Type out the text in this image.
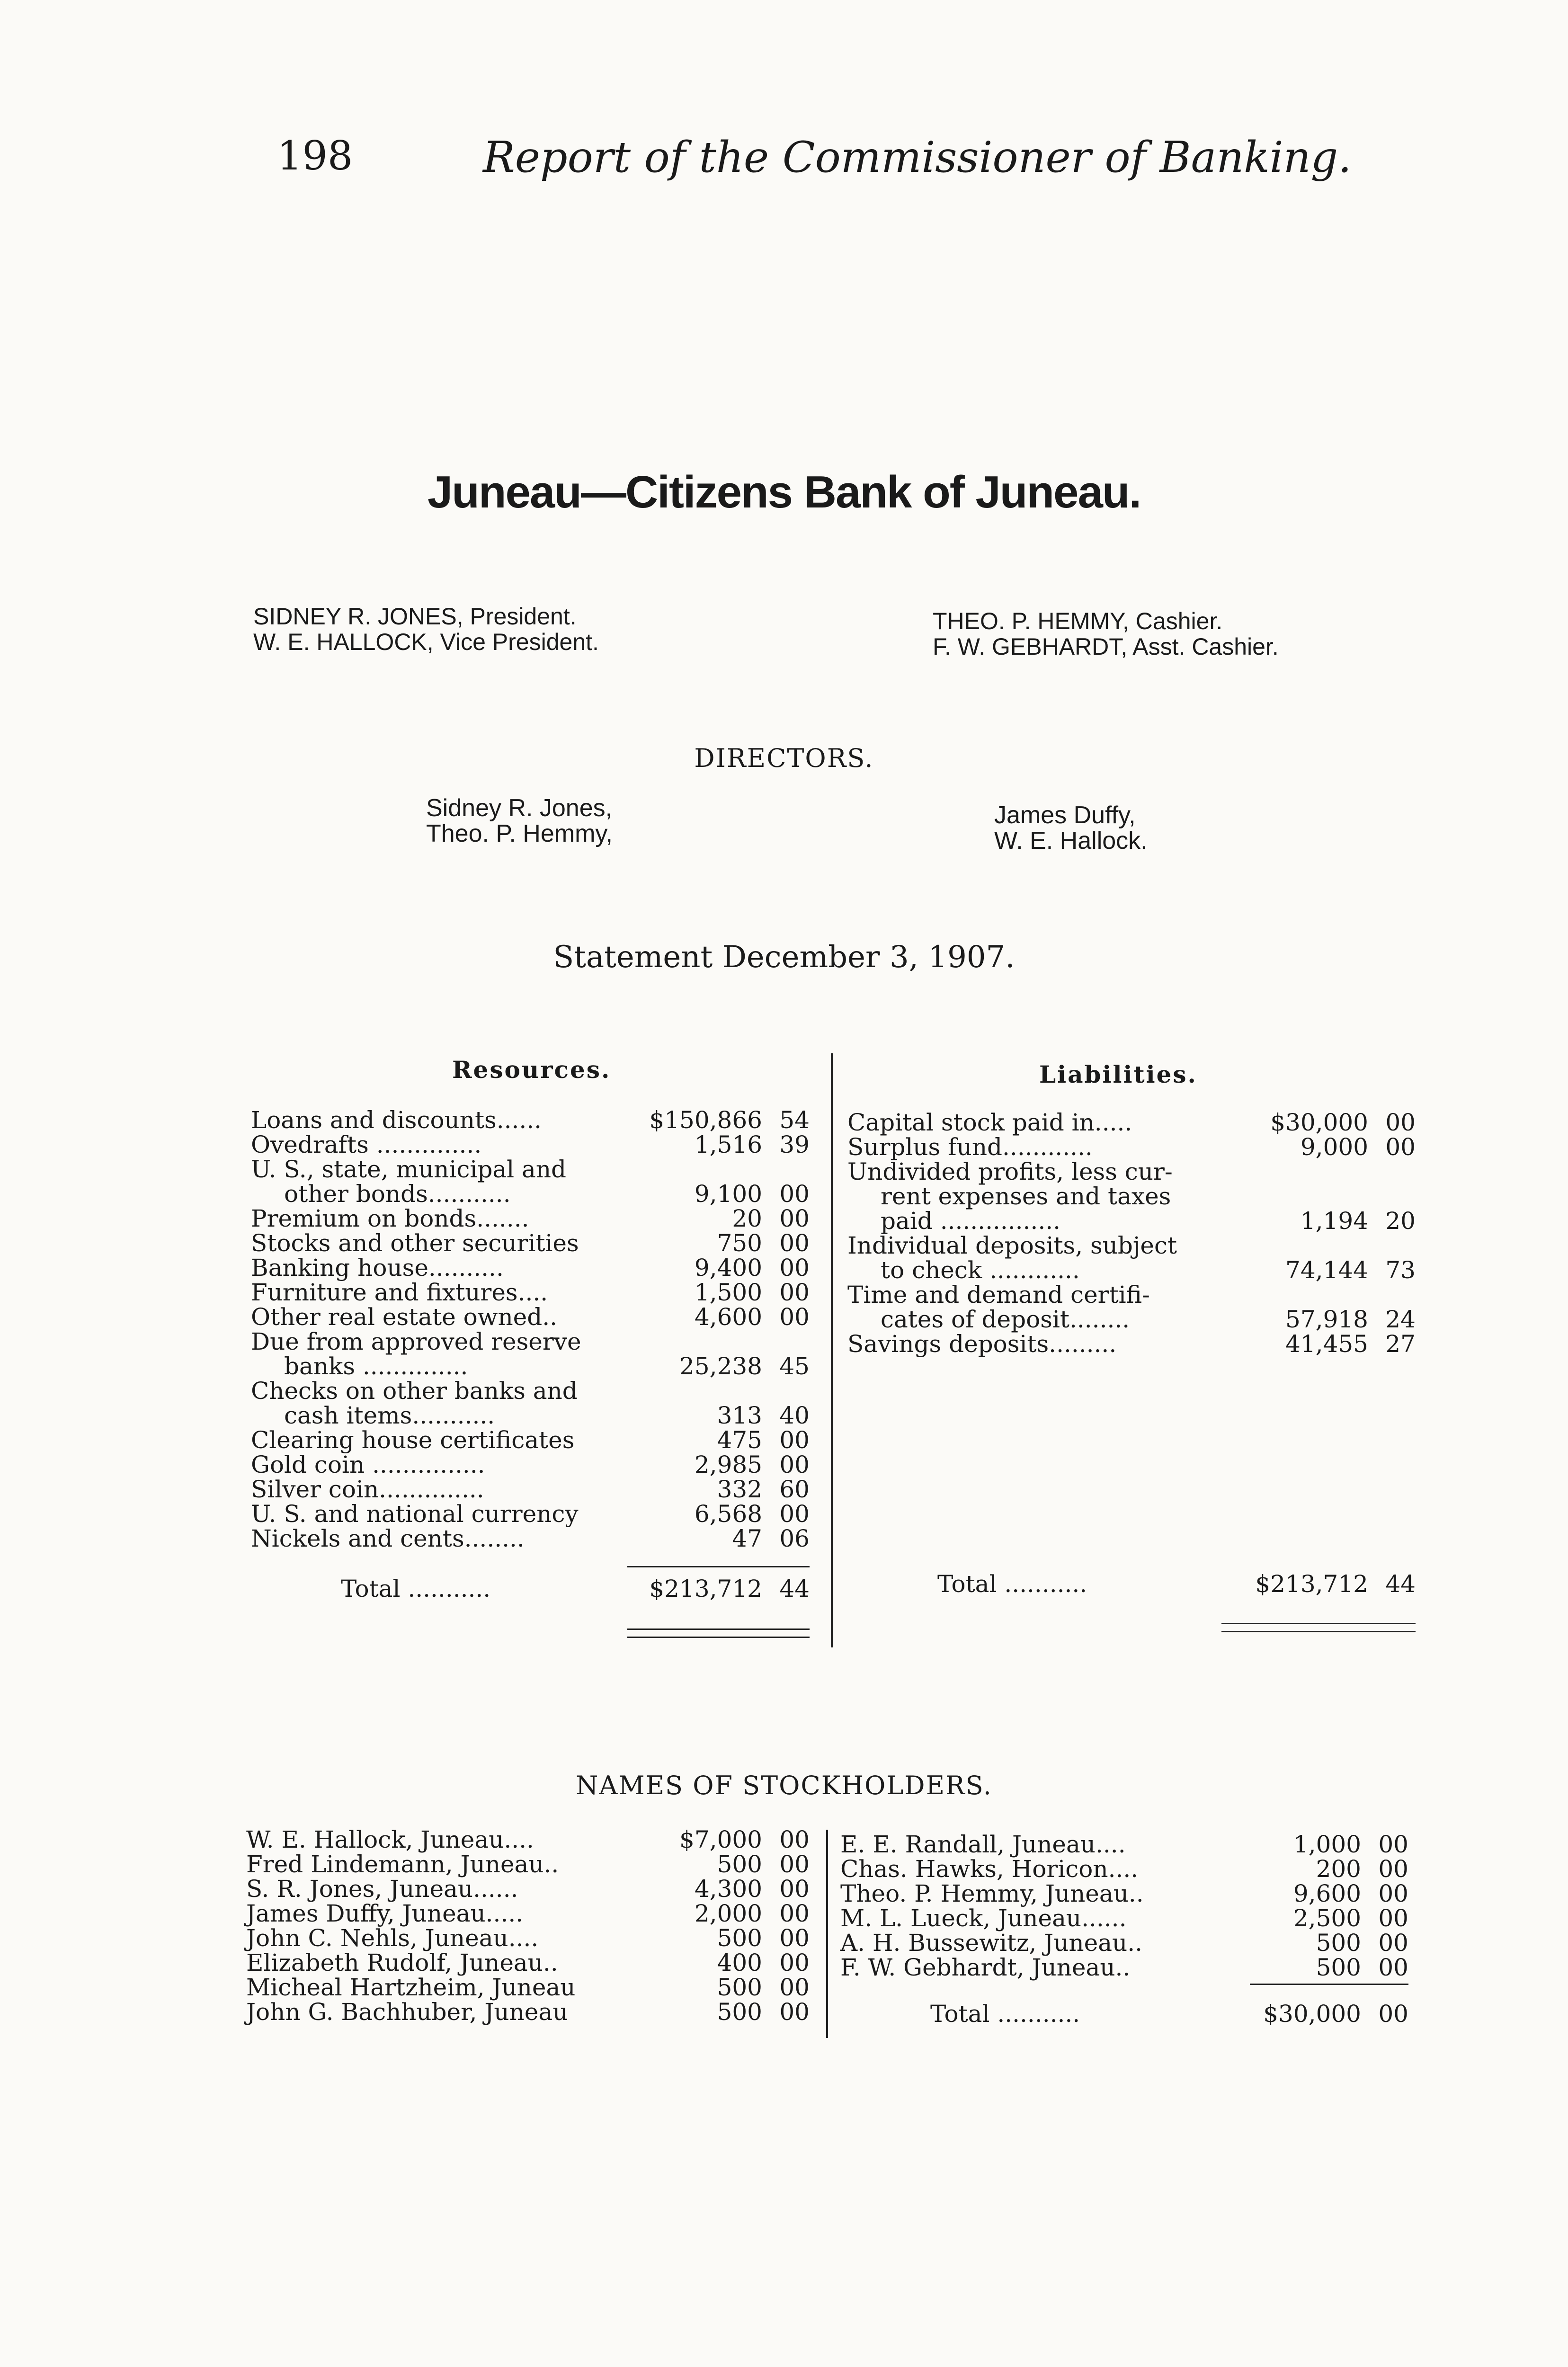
198	Report of the Commissioner of Banking.
Juneau—Citizens Bank of Juneau.
SIDNEY R. JONES, President.
W. E. HALLOCK, Vice President.
THEO. P. HEMMY, Cashier.
F. W. GEBHARDT, Asst. Cashier.
DIRECTORS.
Sidney R. Jones,
Theo. P. Hemmy,
James Duffy,
W. E. Hallock.
Statement December 3, 1907.
Resources.
Loans and discounts......	$150,866 54
Ovedrafts ..............	1,516 39
U. S., state, municipal and
other bonds...........	9,100 00
Premium on bonds.......	20 00
Stocks and other securities	750 00
Banking house..........	9,400 00
Furniture and fixtures....	1,500 00
Other real estate owned..	4,600 00
Due from approved reserve
banks ..............	25,238 45
Checks on other banks and
cash items...........	313 40
Clearing house certificates	475 00
Gold coin ...............	2,985 00
Silver coin..............	332 60
U. S. and national currency	6,568 00
Nickels and cents........	47 06
Total ...........	$213,712 44
Liabilities.
Capital stock paid in.....	$30,000 00
Surplus fund............	9,000 00
Undivided profits, less cur-
rent expenses and taxes
paid ................	1,194 20
Individual deposits, subject
to check ............	74,144 73
Time and demand certifi-
cates of deposit........	57,918 24
Savings deposits.........	41,455 27
Total ...........	$213,712 44
NAMES OF STOCKHOLDERS.
W. E. Hallock, Juneau....	$7,000 00
Fred Lindemann, Juneau..	500 00
S. R. Jones, Juneau......	4,300 00
James Duffy, Juneau.....	2,000 00
John C. Nehls, Juneau....	500 00
Elizabeth Rudolf, Juneau..	400 00
Micheal Hartzheim, Juneau	500 00
John G. Bachhuber, Juneau	500 00
E. E. Randall, Juneau....	1,000 00
Chas. Hawks, Horicon....	200 00
Theo. P. Hemmy, Juneau..	9,600 00
M. L. Lueck, Juneau......	2,500 00
A. H. Bussewitz, Juneau..	500 00
F. W. Gebhardt, Juneau..	500 00
Total ...........	$30,000 00
